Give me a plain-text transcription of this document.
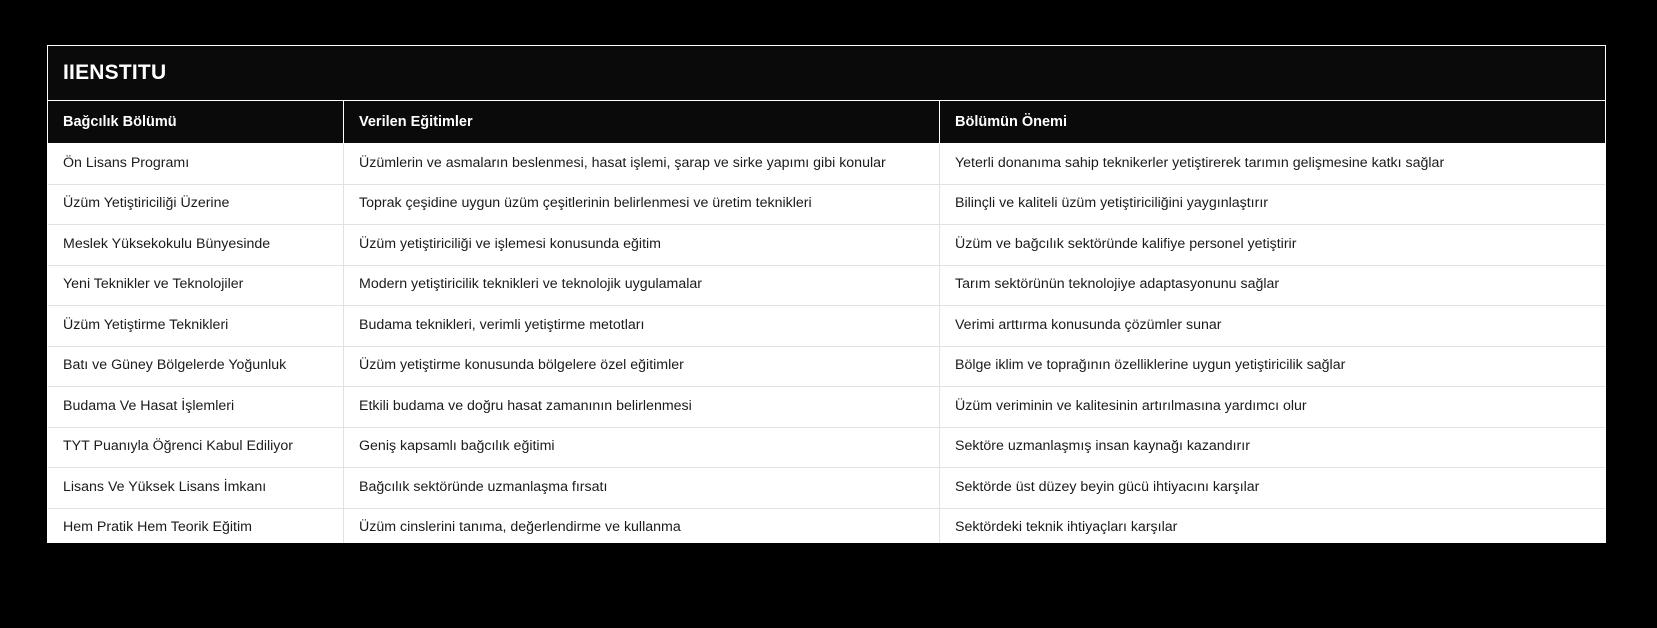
IIENSTITU
Bağcılık Bölümü	Verilen Eğitimler	Bölümün Önemi
Ön Lisans Programı	Üzümlerin ve asmaların beslenmesi, hasat işlemi, şarap ve sirke yapımı gibi konular	Yeterli donanıma sahip teknikerler yetiştirerek tarımın gelişmesine katkı sağlar
Üzüm Yetiştiriciliği Üzerine	Toprak çeşidine uygun üzüm çeşitlerinin belirlenmesi ve üretim teknikleri	Bilinçli ve kaliteli üzüm yetiştiriciliğini yaygınlaştırır
Meslek Yüksekokulu Bünyesinde	Üzüm yetiştiriciliği ve işlemesi konusunda eğitim	Üzüm ve bağcılık sektöründe kalifiye personel yetiştirir
Yeni Teknikler ve Teknolojiler	Modern yetiştiricilik teknikleri ve teknolojik uygulamalar	Tarım sektörünün teknolojiye adaptasyonunu sağlar
Üzüm Yetiştirme Teknikleri	Budama teknikleri, verimli yetiştirme metotları	Verimi arttırma konusunda çözümler sunar
Batı ve Güney Bölgelerde Yoğunluk	Üzüm yetiştirme konusunda bölgelere özel eğitimler	Bölge iklim ve toprağının özelliklerine uygun yetiştiricilik sağlar
Budama Ve Hasat İşlemleri	Etkili budama ve doğru hasat zamanının belirlenmesi	Üzüm veriminin ve kalitesinin artırılmasına yardımcı olur
TYT Puanıyla Öğrenci Kabul Ediliyor	Geniş kapsamlı bağcılık eğitimi	Sektöre uzmanlaşmış insan kaynağı kazandırır
Lisans Ve Yüksek Lisans İmkanı	Bağcılık sektöründe uzmanlaşma fırsatı	Sektörde üst düzey beyin gücü ihtiyacını karşılar
Hem Pratik Hem Teorik Eğitim	Üzüm cinslerini tanıma, değerlendirme ve kullanma	Sektördeki teknik ihtiyaçları karşılar
